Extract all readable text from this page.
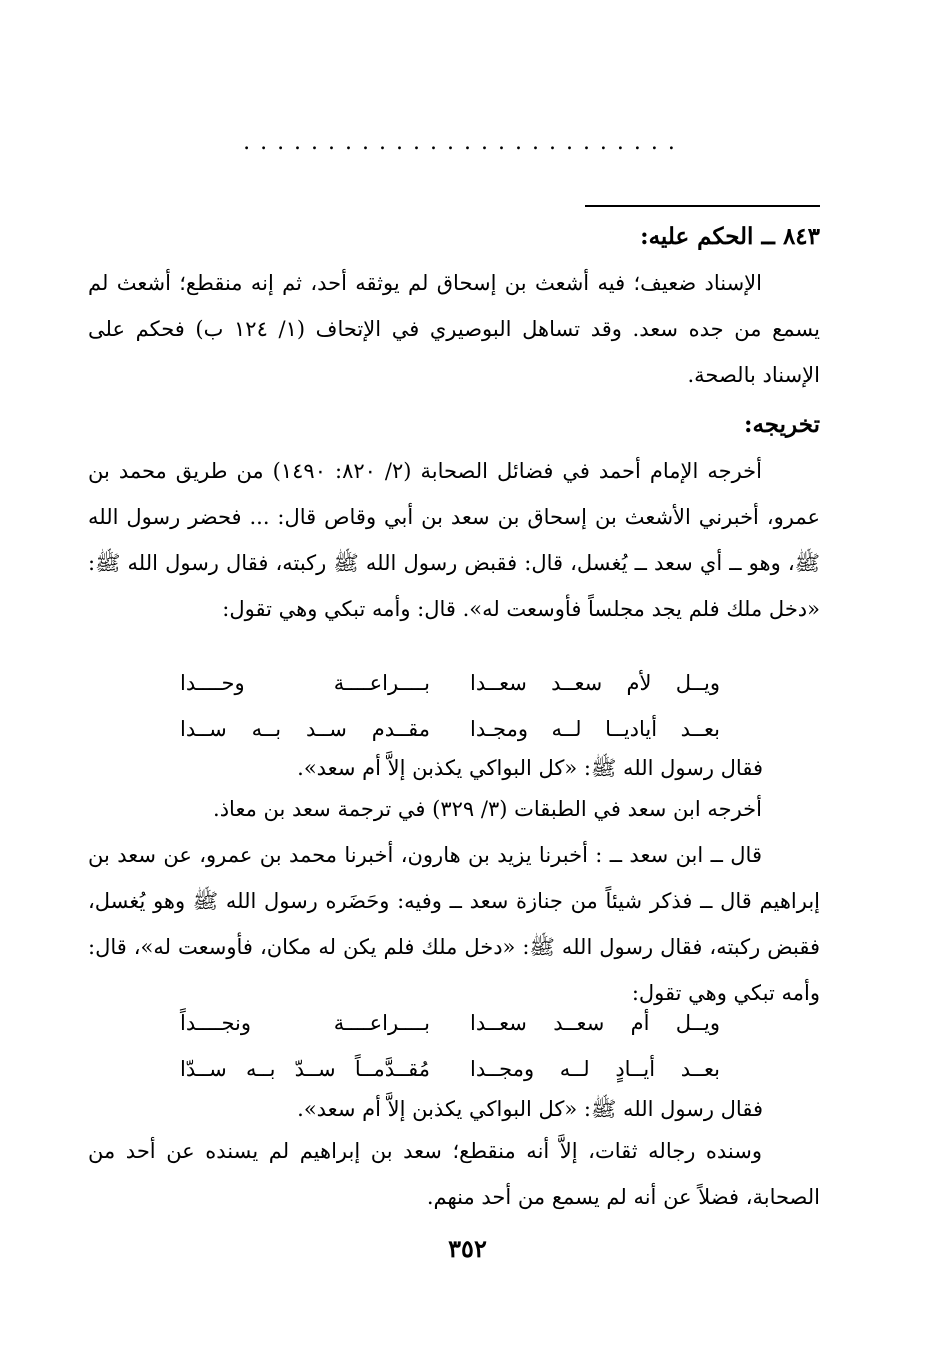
..........................

٨٤٣ ــ الحكم عليه:

الإسناد ضعيف؛ فيه أشعث بن إسحاق لم يوثقه أحد، ثم إنه منقطع؛ أشعث لم يسمع من جده سعد. وقد تساهل البوصيري في الإتحاف (١/ ١٢٤ ب) فحكم على الإسناد بالصحة.

تخريجه:

أخرجه الإمام أحمد في فضائل الصحابة (٢/ ٨٢٠: ١٤٩٠) من طريق محمد بن عمرو، أخبرني الأشعث بن إسحاق بن سعد بن أبي وقاص قال: ... فحضر رسول الله ﷺ، وهو ــ أي سعد ــ يُغسل، قال: فقبض رسول الله ﷺ ركبته، فقال رسول الله ﷺ: «دخل ملك فلم يجد مجلساً فأوسعت له». قال: وأمه تبكي وهي تقول:

ويــل لأم سعــد سعــدا
بــــراعــــة وحــــدا
بعــد أياديــا لــه ومجـدا
مقــدم ســد بــه ســدا
فقال رسول الله ﷺ: «كل البواكي يكذبن إلاَّ أم سعد».

أخرجه ابن سعد في الطبقات (٣/ ٣٢٩) في ترجمة سعد بن معاذ.

قال ــ ابن سعد ــ : أخبرنا يزيد بن هارون، أخبرنا محمد بن عمرو، عن سعد بن إبراهيم قال ــ فذكر شيئاً من جنازة سعد ــ وفيه: وحَضَره رسول الله ﷺ وهو يُغسل، فقبض ركبته، فقال رسول الله ﷺ: «دخل ملك فلم يكن له مكان، فأوسعت له»، قال: وأمه تبكي وهي تقول:

ويــل أم سعــد سعــدا
بــــراعــــة ونجــــداً
بعــد أيــادٍ لــه ومجــدا
مُقــدَّمــاً ســدّ بــه ســدّا
فقال رسول الله ﷺ: «كل البواكي يكذبن إلاَّ أم سعد».

وسنده رجاله ثقات، إلاَّ أنه منقطع؛ سعد بن إبراهيم لم يسنده عن أحد من الصحابة، فضلاً عن أنه لم يسمع من أحد منهم.

٣٥٢
